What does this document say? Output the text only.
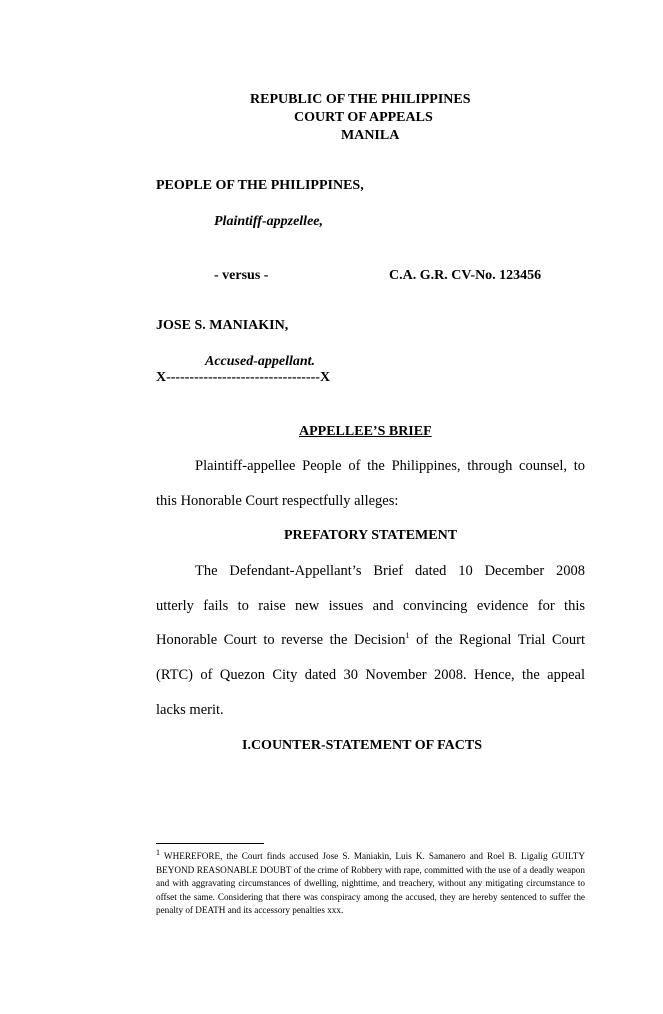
REPUBLIC OF THE PHILIPPINES
COURT OF APPEALS
MANILA
PEOPLE OF THE PHILIPPINES,
Plaintiff-appzellee,
- versus -	C.A. G.R. CV-No. 123456
JOSE S. MANIAKIN,
Accused-appellant.
X---------------------------------X
APPELLEE’S BRIEF
Plaintiff-appellee People of the Philippines, through counsel, to
this Honorable Court respectfully alleges:
PREFATORY STATEMENT
The Defendant-Appellant’s Brief dated 10 December 2008
utterly fails to raise new issues and convincing evidence for this
Honorable Court to reverse the Decision$^1$ of the Regional Trial Court
(RTC) of Quezon City dated 30 November 2008. Hence, the appeal
lacks merit.
I.COUNTER-STATEMENT OF FACTS
$^1$ WHEREFORE, the Court finds accused Jose S. Maniakin, Luis K. Samanero and Roel B. Ligalig GUILTY BEYOND REASONABLE DOUBT of the crime of Robbery with rape, committed with the use of a deadly weapon and with aggravating circumstances of dwelling, nighttime, and treachery, without any mitigating circumstance to offset the same. Considering that there was conspiracy among the accused, they are hereby sentenced to suffer the penalty of DEATH and its accessory penalties xxx.
